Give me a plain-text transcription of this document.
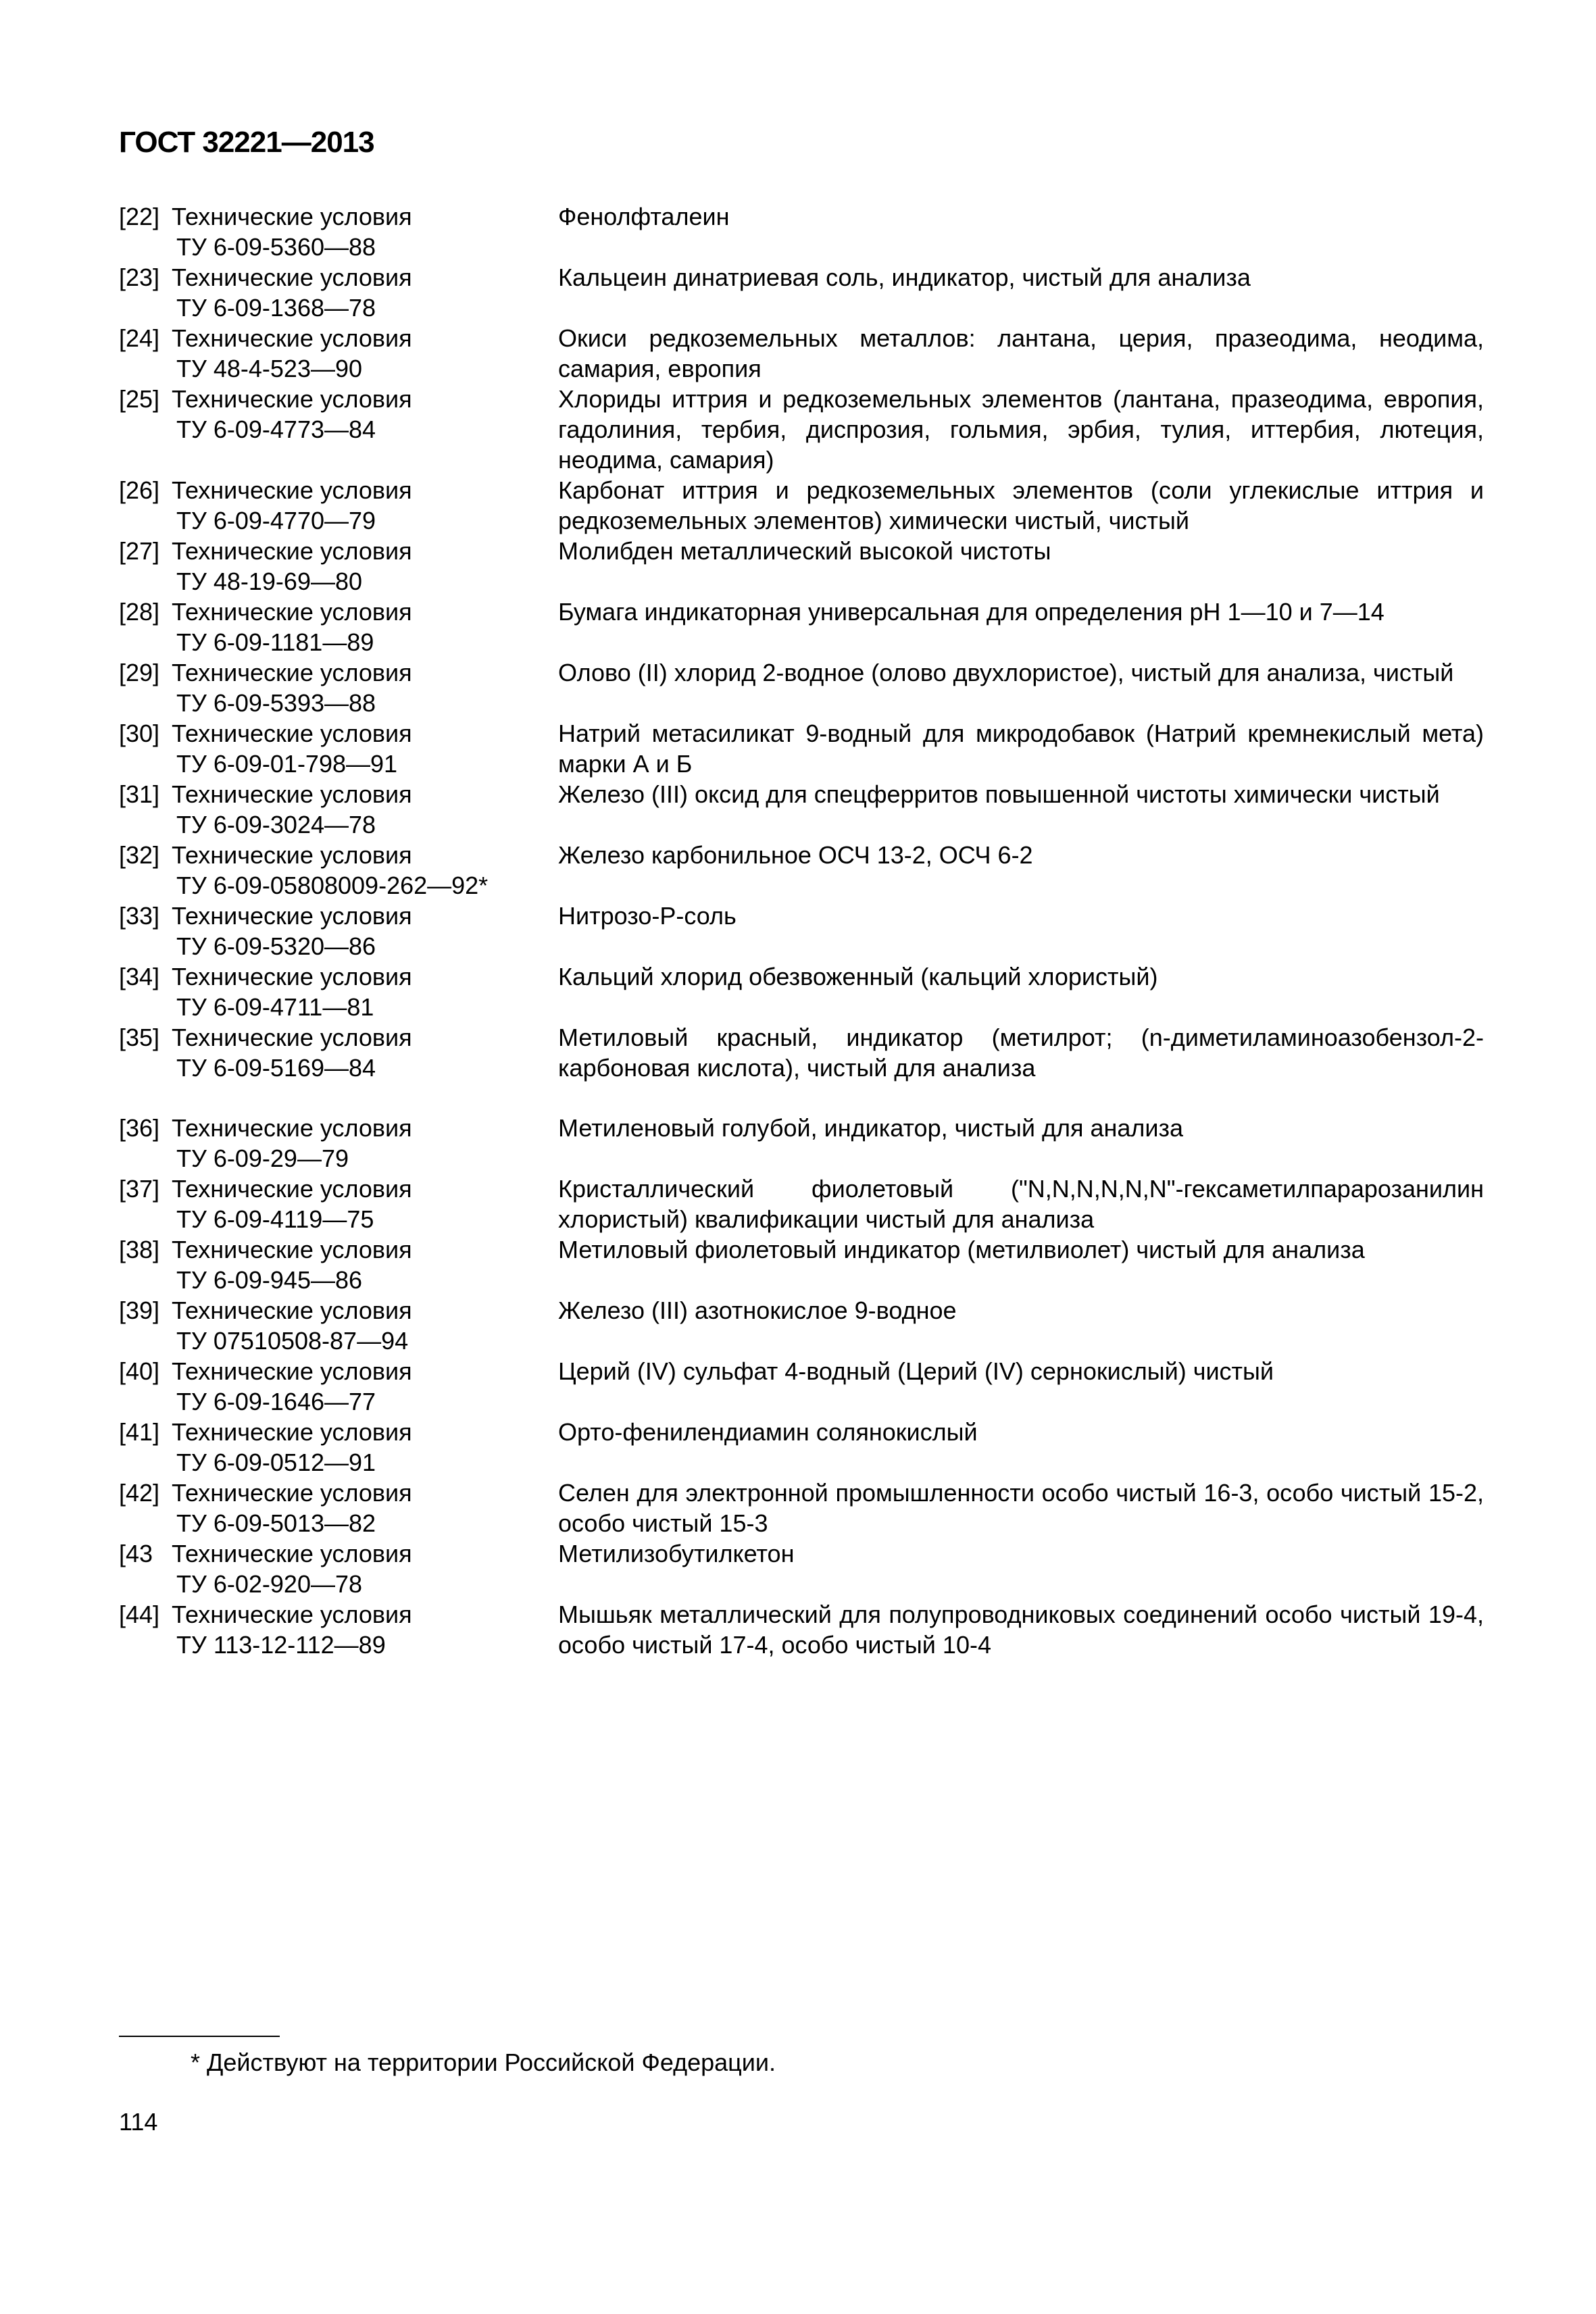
ГОСТ 32221—2013
[22] Технические условия
ТУ 6-09-5360—88
Фенолфталеин
[23] Технические условия
ТУ 6-09-1368—78
Кальцеин динатриевая соль, индикатор, чистый для анализа
[24] Технические условия
ТУ 48-4-523—90
Окиси редкоземельных металлов: лантана, церия, празеодима, неодима, самария, европия
[25] Технические условия
ТУ 6-09-4773—84
Хлориды иттрия и редкоземельных элементов (лантана, празеодима, европия, гадолиния, тербия, диспрозия, гольмия, эрбия, тулия, иттербия, лютеция, неодима, самария)
[26] Технические условия
ТУ 6-09-4770—79
Карбонат иттрия и редкоземельных элементов (соли углекислые иттрия и редкоземельных элементов) химически чистый, чистый
[27] Технические условия
ТУ 48-19-69—80
Молибден металлический высокой чистоты
[28] Технические условия
ТУ 6-09-1181—89
Бумага индикаторная универсальная для определения pH 1—10 и 7—14
[29] Технические условия
ТУ 6-09-5393—88
Олово (II) хлорид 2-водное (олово двухлористое), чистый для анализа, чистый
[30] Технические условия
ТУ 6-09-01-798—91
Натрий метасиликат 9-водный для микродобавок (Натрий кремнекислый мета) марки А и Б
[31] Технические условия
ТУ 6-09-3024—78
Железо (III) оксид для спецферритов повышенной чистоты химически чистый
[32] Технические условия
ТУ 6-09-05808009-262—92*
Железо карбонильное ОСЧ 13-2, ОСЧ 6-2
[33] Технические условия
ТУ 6-09-5320—86
Нитрозо-Р-соль
[34] Технические условия
ТУ 6-09-4711—81
Кальций хлорид обезвоженный (кальций хлористый)
[35] Технические условия
ТУ 6-09-5169—84
Метиловый красный, индикатор (метилрот; (n-диметиламиноазобензол-2-карбоновая кислота), чистый для анализа
[36] Технические условия
ТУ 6-09-29—79
Метиленовый голубой, индикатор, чистый для анализа
[37] Технические условия
ТУ 6-09-4119—75
Кристаллический фиолетовый ("N,N,N,N,N,N"-гексаметилпарарозанилин хлористый) квалификации чистый для анализа
[38] Технические условия
ТУ 6-09-945—86
Метиловый фиолетовый индикатор (метилвиолет) чистый для анализа
[39] Технические условия
ТУ 07510508-87—94
Железо (III) азотнокислое 9-водное
[40] Технические условия
ТУ 6-09-1646—77
Церий (IV) сульфат 4-водный (Церий (IV) сернокислый) чистый
[41] Технические условия
ТУ 6-09-0512—91
Орто-фенилендиамин солянокислый
[42] Технические условия
ТУ 6-09-5013—82
Селен для электронной промышленности особо чистый 16-3, особо чистый 15-2, особо чистый 15-3
[43 Технические условия
ТУ 6-02-920—78
Метилизобутилкетон
[44] Технические условия
ТУ 113-12-112—89
Мышьяк металлический для полупроводниковых соединений особо чистый 19-4, особо чистый 17-4, особо чистый 10-4
* Действуют на территории Российской Федерации.
114
